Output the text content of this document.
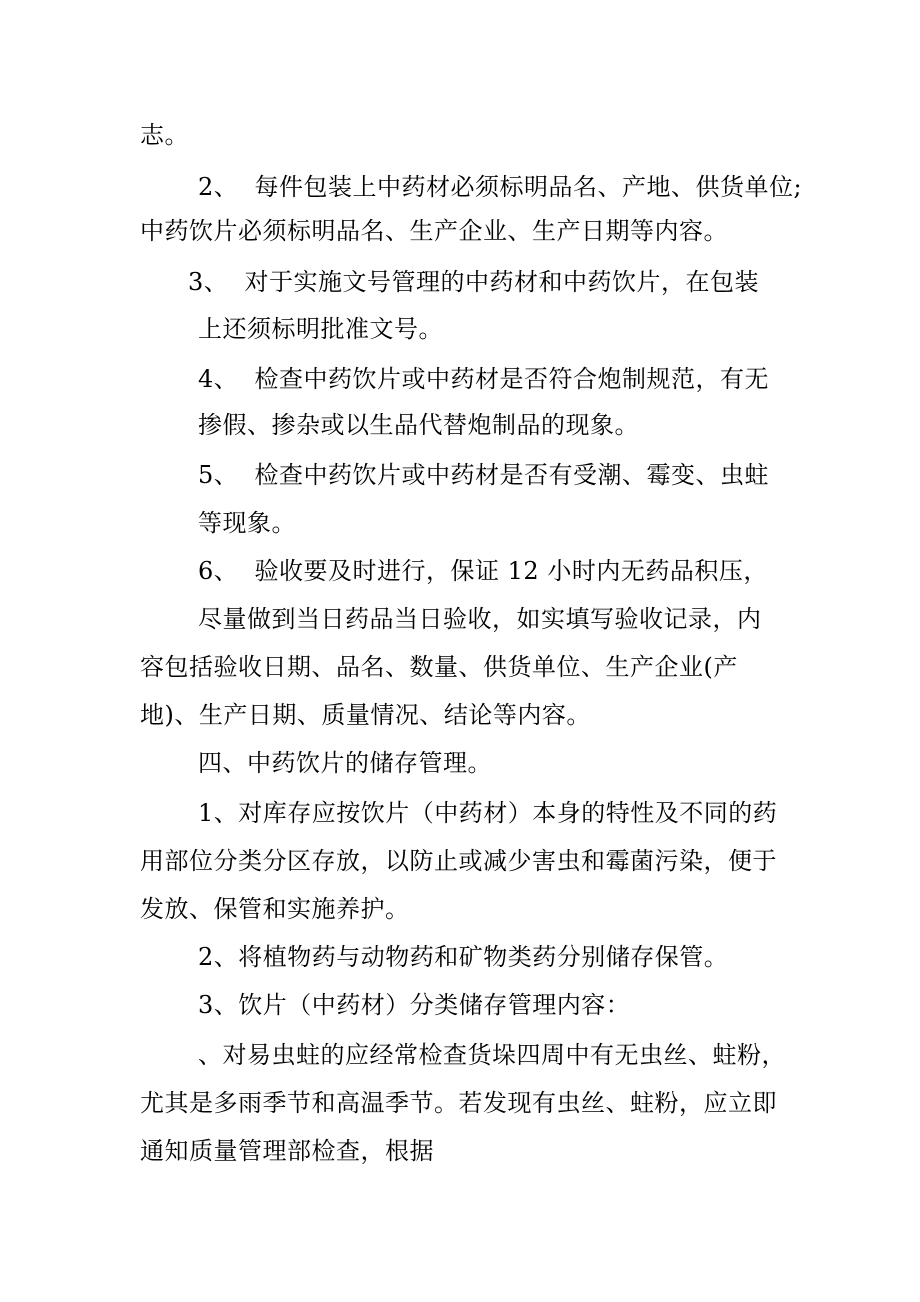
志。
2、  每件包装上中药材必须标明品名、产地、供货单位;
中药饮片必须标明品名、生产企业、生产日期等内容。
3、  对于实施文号管理的中药材和中药饮片，在包装
上还须标明批准文号。
4、  检查中药饮片或中药材是否符合炮制规范，有无
掺假、掺杂或以生品代替炮制品的现象。
5、  检查中药饮片或中药材是否有受潮、霉变、虫蛀
等现象。
6、  验收要及时进行，保证 12 小时内无药品积压，
尽量做到当日药品当日验收，如实填写验收记录，内
容包括验收日期、品名、数量、供货单位、生产企业(产
地)、生产日期、质量情况、结论等内容。
四、中药饮片的储存管理。
1、对库存应按饮片（中药材）本身的特性及不同的药
用部位分类分区存放，以防止或减少害虫和霉菌污染，便于
发放、保管和实施养护。
2、将植物药与动物药和矿物类药分别储存保管。
3、饮片（中药材）分类储存管理内容：
、对易虫蛀的应经常检查货垛四周中有无虫丝、蛀粉，
尤其是多雨季节和高温季节。若发现有虫丝、蛀粉，应立即
通知质量管理部检查，根据
